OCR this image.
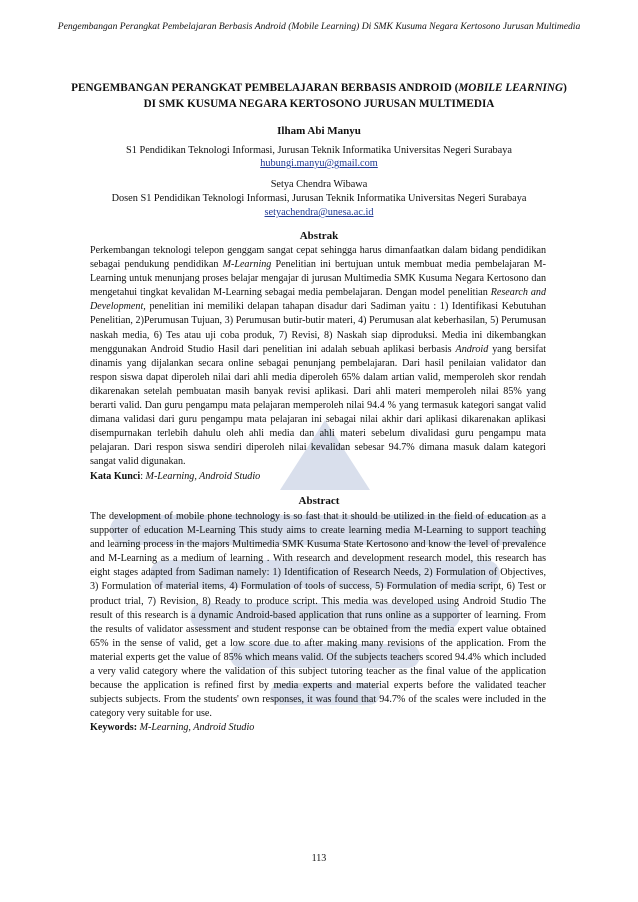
Pengembangan Perangkat Pembelajaran Berbasis Android (Mobile Learning) Di SMK Kusuma Negara Kertosono Jurusan Multimedia
PENGEMBANGAN PERANGKAT PEMBELAJARAN BERBASIS ANDROID (MOBILE LEARNING) DI SMK KUSUMA NEGARA KERTOSONO JURUSAN MULTIMEDIA
Ilham Abi Manyu
S1 Pendidikan Teknologi Informasi, Jurusan Teknik Informatika Universitas Negeri Surabaya
hubungi.manyu@gmail.com
Setya Chendra Wibawa
Dosen S1 Pendidikan Teknologi Informasi, Jurusan Teknik Informatika Universitas Negeri Surabaya
setyachendra@unesa.ac.id
Abstrak
Perkembangan teknologi telepon genggam sangat cepat sehingga harus dimanfaatkan dalam bidang pendidikan sebagai pendukung pendidikan M-Learning Penelitian ini bertujuan untuk membuat media pembelajaran M-Learning untuk menunjang proses belajar mengajar di jurusan Multimedia SMK Kusuma Negara Kertosono dan mengetahui tingkat kevalidan M-Learning sebagai media pembelajaran. Dengan model penelitian Research and Development, penelitian ini memiliki delapan tahapan disadur dari Sadiman yaitu : 1) Identifikasi Kebutuhan Penelitian, 2)Perumusan Tujuan, 3) Perumusan butir-butir materi, 4) Perumusan alat keberhasilan, 5) Perumusan naskah media, 6) Tes atau uji coba produk, 7) Revisi, 8) Naskah siap diproduksi. Media ini dikembangkan menggunakan Android Studio Hasil dari penelitian ini adalah sebuah aplikasi berbasis Android yang bersifat dinamis yang dijalankan secara online sebagai penunjang pembelajaran. Dari hasil penilaian validator dan respon siswa dapat diperoleh nilai dari ahli media diperoleh 65% dalam artian valid, memperoleh skor rendah dikarenakan setelah pembuatan masih banyak revisi aplikasi. Dari ahli materi memperoleh nilai 85% yang berarti valid. Dan guru pengampu mata pelajaran memperoleh nilai 94.4 % yang termasuk kategori sangat valid dimana validasi dari guru pengampu mata pelajaran ini sebagai nilai akhir dari aplikasi dikarenakan aplikasi disempurnakan terlebih dahulu oleh ahli media dan ahli materi sebelum divalidasi guru pengampu mata pelajaran. Dari respon siswa sendiri diperoleh nilai kevalidan sebesar 94.7% dimana masuk dalam kategori sangat valid digunakan.
Kata Kunci: M-Learning, Android Studio
Abstract
The development of mobile phone technology is so fast that it should be utilized in the field of education as a supporter of education M-Learning This study aims to create learning media M-Learning to support teaching and learning process in the majors Multimedia SMK Kusuma State Kertosono and know the level of prevalence and M-Learning as a medium of learning . With research and development research model, this research has eight stages adapted from Sadiman namely: 1) Identification of Research Needs, 2) Formulation of Objectives, 3) Formulation of material items, 4) Formulation of tools of success, 5) Formulation of media script, 6) Test or product trial, 7) Revision, 8) Ready to produce script. This media was developed using Android Studio The result of this research is a dynamic Android-based application that runs online as a supporter of learning. From the results of validator assessment and student response can be obtained from the media expert value obtained 65% in the sense of valid, get a low score due to after making many revisions of the application. From the material experts get the value of 85% which means valid. Of the subjects teachers scored 94.4% which included a very valid category where the validation of this subject tutoring teacher as the final value of the application because the application is refined first by media experts and material experts before the validated teacher subjects subjects. From the students' own responses, it was found that 94.7% of the scales were included in the category very suitable for use.
Keywords: M-Learning, Android Studio
113
